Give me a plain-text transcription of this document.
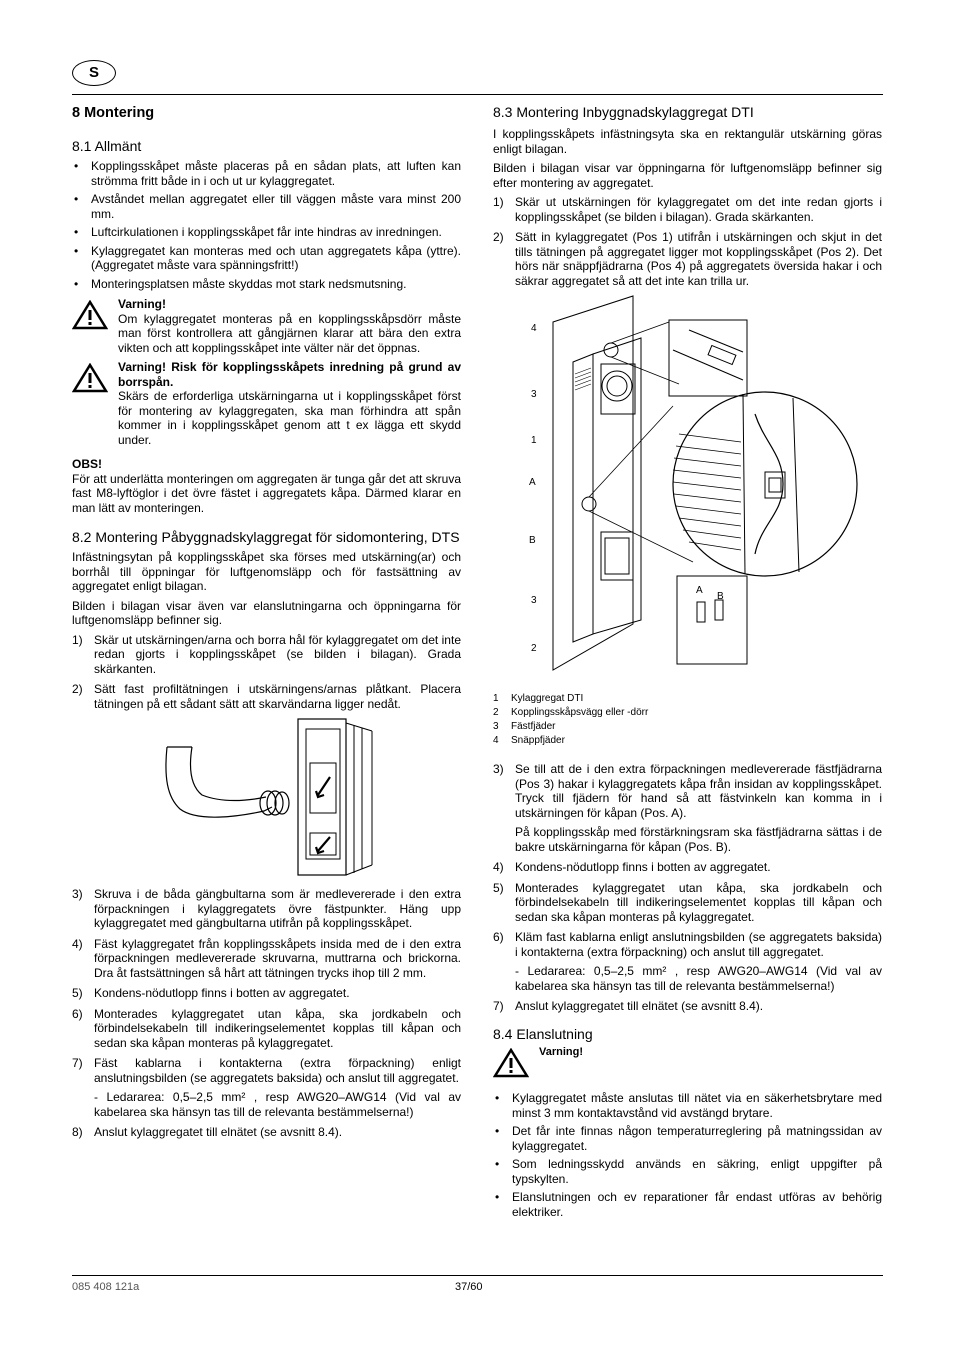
S
8 Montering
8.1 Allmänt
• Kopplingsskåpet måste placeras på en sådan plats, att luften kan strömma fritt både in i och ut ur kylaggregatet.
• Avståndet mellan aggregatet eller till väggen måste vara minst 200 mm.
• Luftcirkulationen i kopplingsskåpet får inte hindras av inredningen.
• Kylaggregatet kan monteras med och utan aggregatets kåpa (yttre). (Aggregatet måste vara spänningsfritt!)
• Monteringsplatsen måste skyddas mot stark nedsmutsning.
Varning!
Om kylaggregatet monteras på en kopplingsskåpsdörr måste man först kontrollera att gångjärnen klarar att bära den extra vikten och att kopplingsskåpet inte välter när det öppnas.
Varning! Risk för kopplingsskåpets inredning på grund av borrspån.
Skärs de erforderliga utskärningarna ut i kopplingsskåpet först för montering av kylaggregaten, ska man förhindra att spån kommer in i kopplingsskåpet genom att t ex lägga ett skydd under.
OBS!

För att underlätta monteringen om aggregaten är tunga går det att skruva fast M8-lyftöglor i det övre fästet i aggregatets kåpa. Därmed klarar en man lätt av monteringen.

8.2 Montering Påbyggnadskylaggregat för sidomontering, DTS

Infästningsytan på kopplingsskåpet ska förses med utskärning(ar) och borrhål till öppningar för luftgenomsläpp och för fastsättning av aggregatet enligt bilagan.

Bilden i bilagan visar även var elanslutningarna och öppningarna för luftgenomsläpp befinner sig.

1) Skär ut utskärningen/arna och borra hål för kylaggregatet om det inte redan gjorts i kopplingsskåpet (se bilden i bilagan). Grada skärkanten.
2) Sätt fast profiltätningen i utskärningens/arnas plåtkant. Placera tätningen på ett sådant sätt att skarvändarna ligger nedåt.
3) Skruva i de båda gängbultarna som är medlevererade i den extra förpackningen i kylaggregatets övre fästpunkter. Häng upp kylaggregatet med gängbultarna utifrån på kopplingsskåpet.
4) Fäst kylaggregatet från kopplingsskåpets insida med de i den extra förpackningen medlevererade skruvarna, muttrarna och brickorna. Dra åt fastsättningen så hårt att tätningen trycks ihop till 2 mm.
5) Kondens-nödutlopp finns i botten av aggregatet.
6) Monterades kylaggregatet utan kåpa, ska jordkabeln och förbindelsekabeln till indikeringselementet kopplas till kåpan och sedan ska kåpan monteras på kylaggregatet.
7) Fäst kablarna i kontakterna (extra förpackning) enligt anslutningsbilden (se aggregatets baksida) och anslut till aggregatet.

- Ledararea: 0,5–2,5 mm² , resp AWG20–AWG14 (Vid val av kabelarea ska hänsyn tas till de relevanta bestämmelserna!)

8) Anslut kylaggregatet till elnätet (se avsnitt 8.4).
8.3 Montering Inbyggnadskylaggregat DTI

I kopplingsskåpets infästningsyta ska en rektangulär utskärning göras enligt bilagan.

Bilden i bilagan visar var öppningarna för luftgenomsläpp befinner sig efter montering av aggregatet.

1) Skär ut utskärningen för kylaggregatet om det inte redan gjorts i kopplingsskåpet (se bilden i bilagan). Grada skärkanten.
2) Sätt in kylaggregatet (Pos 1) utifrån i utskärningen och skjut in det tills tätningen på aggregatet ligger mot kopplingsskåpet (Pos 2). Det hörs när snäppfjädrarna (Pos 4) på aggregatets översida hakar i och säkrar aggregatet så att det inte kan trilla ur.
4
3
1
A
B
3
2
A
B
1 Kylaggregat DTI
2 Kopplingsskåpsvägg eller -dörr
3 Fästfjäder
4 Snäppfjäder
3) Se till att de i den extra förpackningen medlevererade fästfjädrarna (Pos 3) hakar i kylaggregatets kåpa från insidan av kopplingsskåpet. Tryck till fjädern för hand så att fästvinkeln kan komma in i utskärningen för kåpan (Pos. A).

På kopplingsskåp med förstärkningsram ska fästfjädrarna sättas i de bakre utskärningarna för kåpan (Pos. B).

4) Kondens-nödutlopp finns i botten av aggregatet.
5) Monterades kylaggregatet utan kåpa, ska jordkabeln och förbindelsekabeln till indikeringselementet kopplas till kåpan och sedan ska kåpan monteras på kylaggregatet.
6) Kläm fast kablarna enligt anslutningsbilden (se aggregatets baksida) i kontakterna (extra förpackning) och anslut till aggregatet.

- Ledararea: 0,5–2,5 mm² , resp AWG20–AWG14 (Vid val av kabelarea ska hänsyn tas till de relevanta bestämmelserna!)

7) Anslut kylaggregatet till elnätet (se avsnitt 8.4).
8.4 Elanslutning
Varning!
• Kylaggregatet måste anslutas till nätet via en säkerhetsbrytare med minst 3 mm kontaktavstånd vid avstängd brytare.
• Det får inte finnas någon temperaturreglering på matningssidan av kylaggregatet.
• Som ledningsskydd används en säkring, enligt uppgifter på typskylten.
• Elanslutningen och ev reparationer får endast utföras av behörig elektriker.
085 408 121a	37/60
